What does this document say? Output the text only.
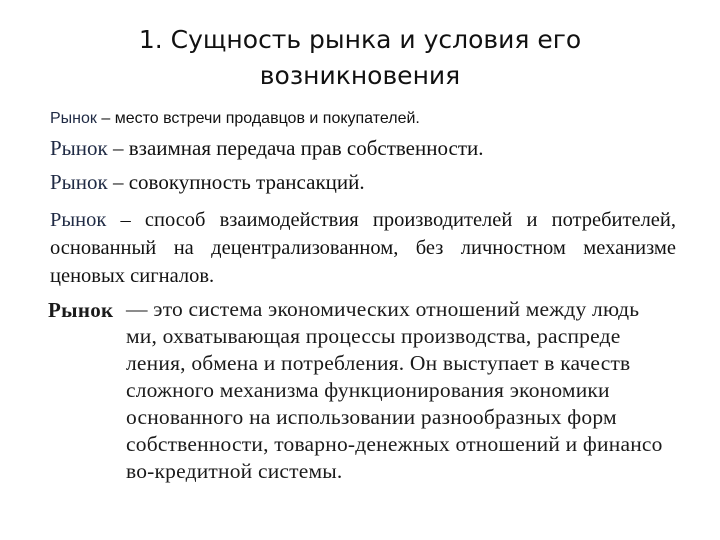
1. Сущность рынка и условия его
возникновения
Рынок – место встречи продавцов и покупателей.
Рынок – взаимная передача прав собственности.
Рынок – совокупность трансакций.
Рынок – способ взаимодействия производителей и потребителей, основанный на децентрализованном, без личностном механизме ценовых сигналов.
Рынок — это система экономических отношений между людь
ми, охватывающая процессы производства, распреде
ления, обмена и потребления. Он выступает в качеств
сложного механизма функционирования экономики
основанного на использовании разнообразных форм
собственности, товарно-денежных отношений и финансо
во-кредитной системы.
